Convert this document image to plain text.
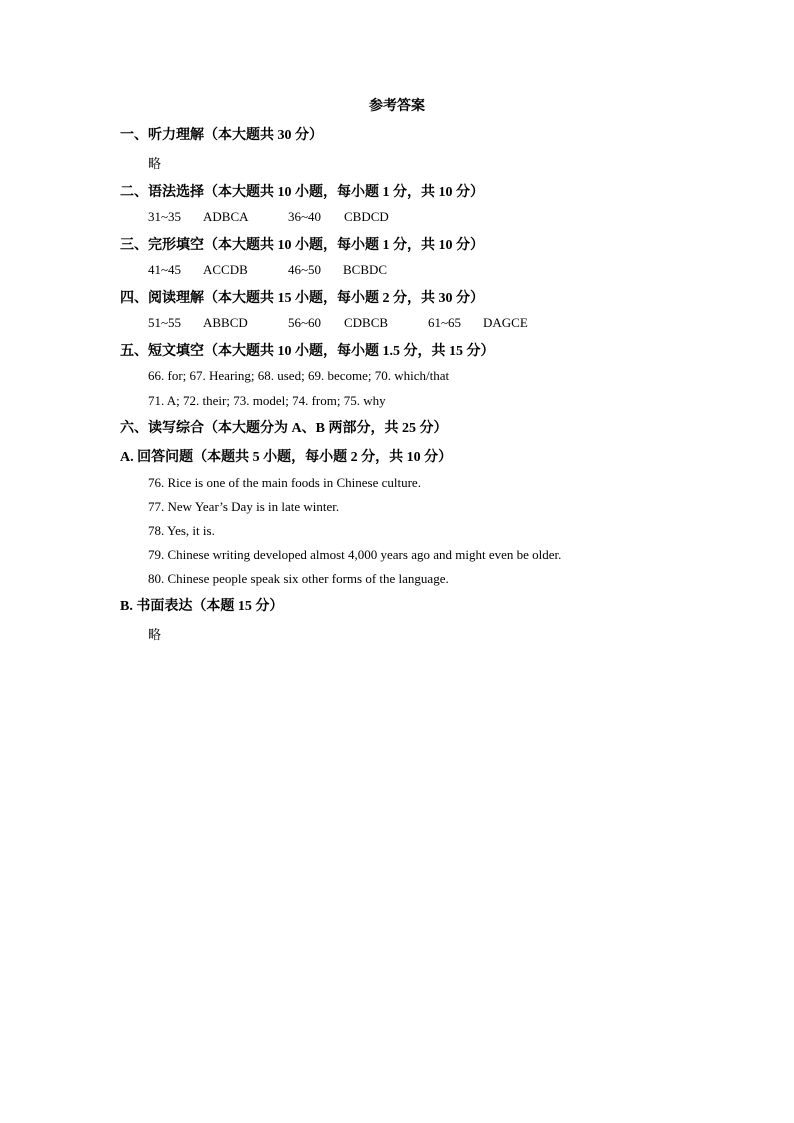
参考答案
一、听力理解（本大题共 30 分）
略
二、语法选择（本大题共 10 小题，每小题 1 分，共 10 分）
31~35 ADBCA	36~40 CBDCD
三、完形填空（本大题共 10 小题，每小题 1 分，共 10 分）
41~45 ACCDB	46~50 BCBDC
四、阅读理解（本大题共 15 小题，每小题 2 分，共 30 分）
51~55 ABBCD	56~60 CDBCB	61~65 DAGCE
五、短文填空（本大题共 10 小题，每小题 1.5 分，共 15 分）
66. for; 67. Hearing; 68. used; 69. become; 70. which/that
71. A; 72. their; 73. model; 74. from; 75. why
六、读写综合（本大题分为 A、B 两部分，共 25 分）
A. 回答问题（本题共 5 小题，每小题 2 分，共 10 分）
76. Rice is one of the main foods in Chinese culture.
77. New Year’s Day is in late winter.
78. Yes, it is.
79. Chinese writing developed almost 4,000 years ago and might even be older.
80. Chinese people speak six other forms of the language.
B. 书面表达（本题 15 分）
略
